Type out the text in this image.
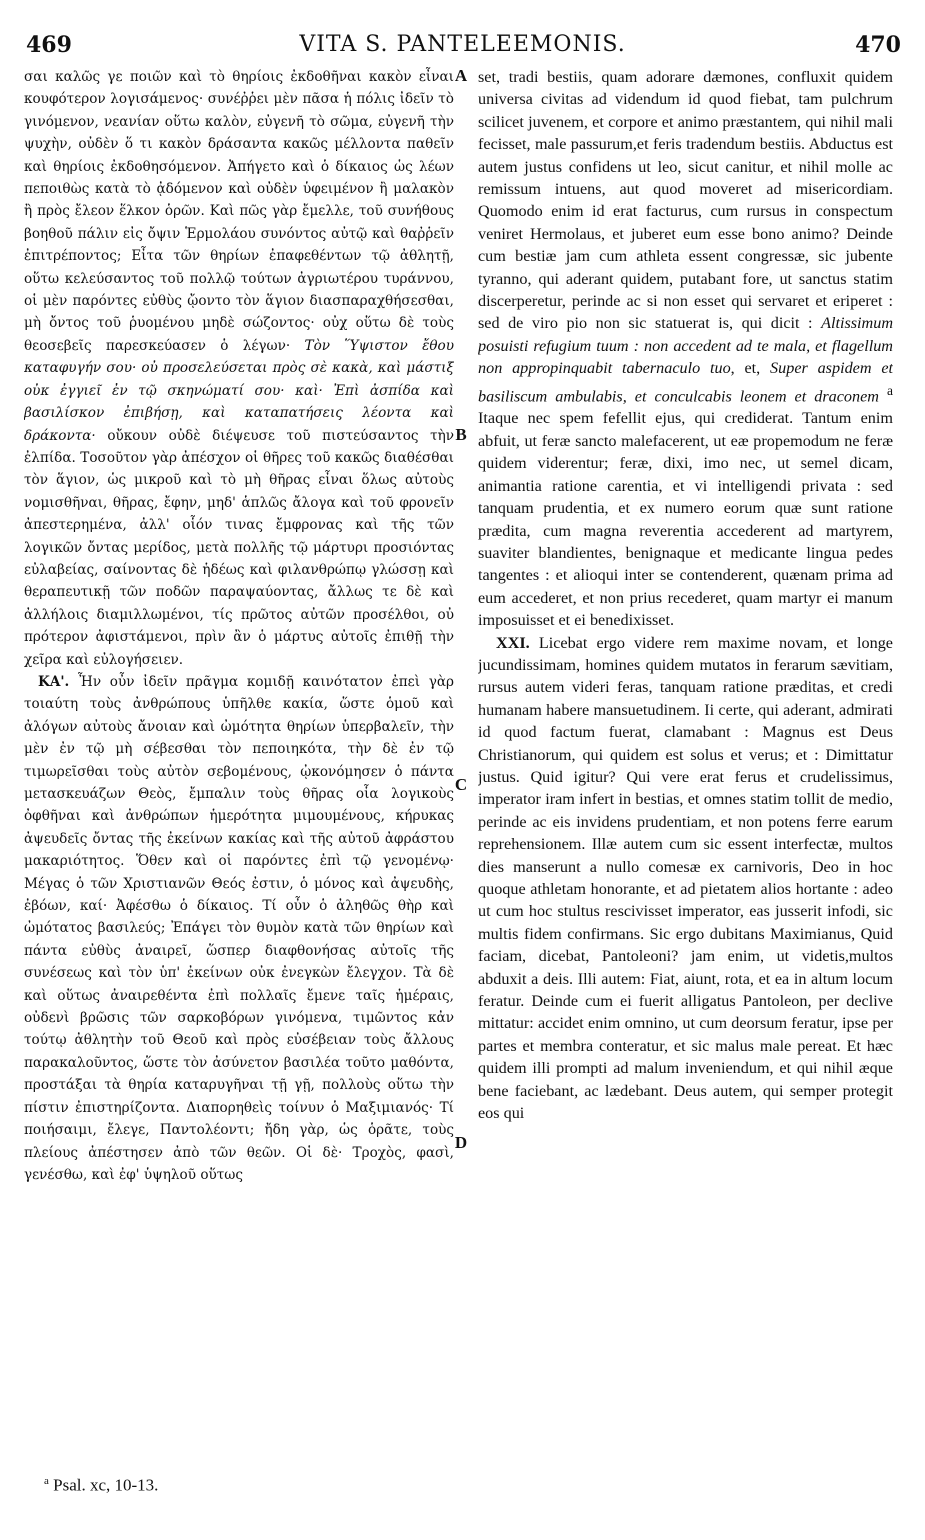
469	VITA S. PANTELEEMONIS.	470

σαι καλῶς γε ποιῶν καὶ τὸ θηρίοις ἐκδοθῆναι κακὸν εἶναι κουφότερον λογισάμενος· συνέῤῥει μὲν πᾶσα ἡ πόλις ἰδεῖν τὸ γινόμενον, νεανίαν οὕτω καλὸν, εὐγενῆ τὸ σῶμα, εὐγενῆ τὴν ψυχὴν, οὐδὲν ὅ τι κακὸν δράσαντα κακῶς μέλλοντα παθεῖν καὶ θηρίοις ἐκδοθησόμενον. Ἀπήγετο καὶ ὁ δίκαιος ὡς λέων πεποιθὼς κατὰ τὸ ᾀδόμενον καὶ οὐδὲν ὑφειμένον ἢ μαλακὸν ἢ πρὸς ἔλεον ἕλκον ὁρῶν. Καὶ πῶς γὰρ ἔμελλε, τοῦ συνήθους βοηθοῦ πάλιν εἰς ὄψιν Ἑρμολάου συνόντος αὐτῷ καὶ θαῤῥεῖν ἐπιτρέποντος; Εἶτα τῶν θηρίων ἐπαφεθέντων τῷ ἀθλητῇ, οὕτω κελεύσαντος τοῦ πολλῷ τούτων ἀγριωτέρου τυράννου, οἱ μὲν παρόντες εὐθὺς ᾤοντο τὸν ἅγιον διασπαραχθήσεσθαι, μὴ ὄντος τοῦ ῥυομένου μηδὲ σώζοντος· οὐχ οὕτω δὲ τοὺς θεοσεβεῖς παρεσκεύασεν ὁ λέγων· Τὸν Ὕψιστον ἔθου καταφυγήν σου· οὐ προσελεύσεται πρὸς σὲ κακὰ, καὶ μάστιξ οὐκ ἐγγιεῖ ἐν τῷ σκηνώματί σου· καὶ· Ἐπὶ ἀσπίδα καὶ βασιλίσκον ἐπιβήσῃ, καὶ καταπατήσεις λέοντα καὶ δράκοντα· οὔκουν οὐδὲ διέψευσε τοῦ πιστεύσαντος τὴν ἐλπίδα. Τοσοῦτον γὰρ ἀπέσχον οἱ θῆρες τοῦ κακῶς διαθέσθαι τὸν ἅγιον, ὡς μικροῦ καὶ τὸ μὴ θῆρας εἶναι ὅλως αὐτοὺς νομισθῆναι, θῆρας, ἔφην, μηδ' ἁπλῶς ἄλογα καὶ τοῦ φρονεῖν ἀπεστερημένα, ἀλλ' οἷόν τινας ἔμφρονας καὶ τῆς τῶν λογικῶν ὄντας μερίδος, μετὰ πολλῆς τῷ μάρτυρι προσιόντας εὐλαβείας, σαίνοντας δὲ ἡδέως καὶ φιλανθρώπῳ γλώσσῃ καὶ θεραπευτικῇ τῶν ποδῶν παραψαύοντας, ἄλλως τε δὲ καὶ ἀλλήλοις διαμιλλωμένοι, τίς πρῶτος αὐτῶν προσέλθοι, οὐ πρότερον ἀφιστάμενοι, πρὶν ἂν ὁ μάρτυς αὐτοῖς ἐπιθῇ τὴν χεῖρα καὶ εὐλογήσειεν.

ΚΑ'. Ἦν οὖν ἰδεῖν πρᾶγμα κομιδῇ καινότατον ἐπεὶ γὰρ τοιαύτη τοὺς ἀνθρώπους ὑπῆλθε κακία, ὥστε ὁμοῦ καὶ ἀλόγων αὐτοὺς ἄνοιαν καὶ ὠμότητα θηρίων ὑπερβαλεῖν, τὴν μὲν ἐν τῷ μὴ σέβεσθαι τὸν πεποιηκότα, τὴν δὲ ἐν τῷ τιμωρεῖσθαι τοὺς αὐτὸν σεβομένους, ᾠκονόμησεν ὁ πάντα μετασκευάζων Θεὸς, ἔμπαλιν τοὺς θῆρας οἷα λογικοὺς ὀφθῆναι καὶ ἀνθρώπων ἡμερότητα μιμουμένους, κήρυκας ἀψευδεῖς ὄντας τῆς ἐκείνων κακίας καὶ τῆς αὐτοῦ ἀφράστου μακαριότητος. Ὅθεν καὶ οἱ παρόντες ἐπὶ τῷ γενομένῳ· Μέγας ὁ τῶν Χριστιανῶν Θεός ἐστιν, ὁ μόνος καὶ ἀψευδὴς, ἐβόων, καί· Ἀφέσθω ὁ δίκαιος. Τί οὖν ὁ ἀληθῶς θὴρ καὶ ὠμότατος βασιλεύς; Ἐπάγει τὸν θυμὸν κατὰ τῶν θηρίων καὶ πάντα εὐθὺς ἀναιρεῖ, ὥσπερ διαφθονήσας αὐτοῖς τῆς συνέσεως καὶ τὸν ὑπ' ἐκείνων οὐκ ἐνεγκὼν ἔλεγχον. Τὰ δὲ καὶ οὕτως ἀναιρεθέντα ἐπὶ πολλαῖς ἔμενε ταῖς ἡμέραις, οὐδενὶ βρῶσις τῶν σαρκοβόρων γινόμενα, τιμῶντος κἀν τούτῳ ἀθλητὴν τοῦ Θεοῦ καὶ πρὸς εὐσέβειαν τοὺς ἄλλους παρακαλοῦντος, ὥστε τὸν ἀσύνετον βασιλέα τοῦτο μαθόντα, προστάξαι τὰ θηρία καταρυγῆναι τῇ γῇ, πολλοὺς οὕτω τὴν πίστιν ἐπιστηρίζοντα. Διαπορηθεὶς τοίνυν ὁ Μαξιμιανός· Τί ποιήσαιμι, ἔλεγε, Παντολέοντι; ἤδη γὰρ, ὡς ὁρᾶτε, τοὺς πλείους ἀπέστησεν ἀπὸ τῶν θεῶν. Οἱ δὲ· Τροχὸς, φασὶ, γενέσθω, καὶ ἐφ' ὑψηλοῦ οὕτως

A
B
C
D

set, tradi bestiis, quam adorare dæmones, confluxit quidem universa civitas ad videndum id quod fiebat, tam pulchrum scilicet juvenem, et corpore et animo præstantem, qui nihil mali fecisset, male passurum,et feris tradendum bestiis. Abductus est autem justus confidens ut leo, sicut canitur, et nihil molle ac remissum intuens, aut quod moveret ad misericordiam. Quomodo enim id erat facturus, cum rursus in conspectum veniret Hermolaus, et juberet eum esse bono animo? Deinde cum bestiæ jam cum athleta essent congressæ, sic jubente tyranno, qui aderant quidem, putabant fore, ut sanctus statim discerperetur, perinde ac si non esset qui servaret et eriperet : sed de viro pio non sic statuerat is, qui dicit : Altissimum posuisti refugium tuum : non accedent ad te mala, et flagellum non appropinquabit tabernaculo tuo, et, Super aspidem et basiliscum ambulabis, et conculcabis leonem et draconem $^a$ Itaque nec spem fefellit ejus, qui crediderat. Tantum enim abfuit, ut feræ sancto malefacerent, ut eæ propemodum ne feræ quidem viderentur; feræ, dixi, imo nec, ut semel dicam, animantia ratione carentia, et vi intelligendi privata : sed tanquam prudentia, et ex numero eorum quæ sunt ratione prædita, cum magna reverentia accederent ad martyrem, suaviter blandientes, benignaque et medicante lingua pedes tangentes : et alioqui inter se contenderent, quænam prima ad eum accederet, et non prius recederet, quam martyr ei manum imposuisset et ei benedixisset.

XXI. Licebat ergo videre rem maxime novam, et longe jucundissimam, homines quidem mutatos in ferarum sævitiam, rursus autem videri feras, tanquam ratione præditas, et credi humanam habere mansuetudinem. Ii certe, qui aderant, admirati id quod factum fuerat, clamabant : Magnus est Deus Christianorum, qui quidem est solus et verus; et : Dimittatur justus. Quid igitur? Qui vere erat ferus et crudelissimus, imperator iram infert in bestias, et omnes statim tollit de medio, perinde ac eis invidens prudentiam, et non potens ferre earum reprehensionem. Illæ autem cum sic essent interfectæ, multos dies manserunt a nullo comesæ ex carnivoris, Deo in hoc quoque athletam honorante, et ad pietatem alios hortante : adeo ut cum hoc stultus rescivisset imperator, eas jusserit infodi, sic multis fidem confirmans. Sic ergo dubitans Maximianus, Quid faciam, dicebat, Pantoleoni? jam enim, ut videtis,multos abduxit a deis. Illi autem: Fiat, aiunt, rota, et ea in altum locum feratur. Deinde cum ei fuerit alligatus Pantoleon, per declive mittatur: accidet enim omnino, ut cum deorsum feratur, ipse per partes et membra conteratur, et sic malus male pereat. Et hæc quidem illi prompti ad malum inveniendum, et qui nihil æque bene faciebant, ac lædebant. Deus autem, qui semper protegit eos qui

$^a$ Psal. xc, 10-13.
